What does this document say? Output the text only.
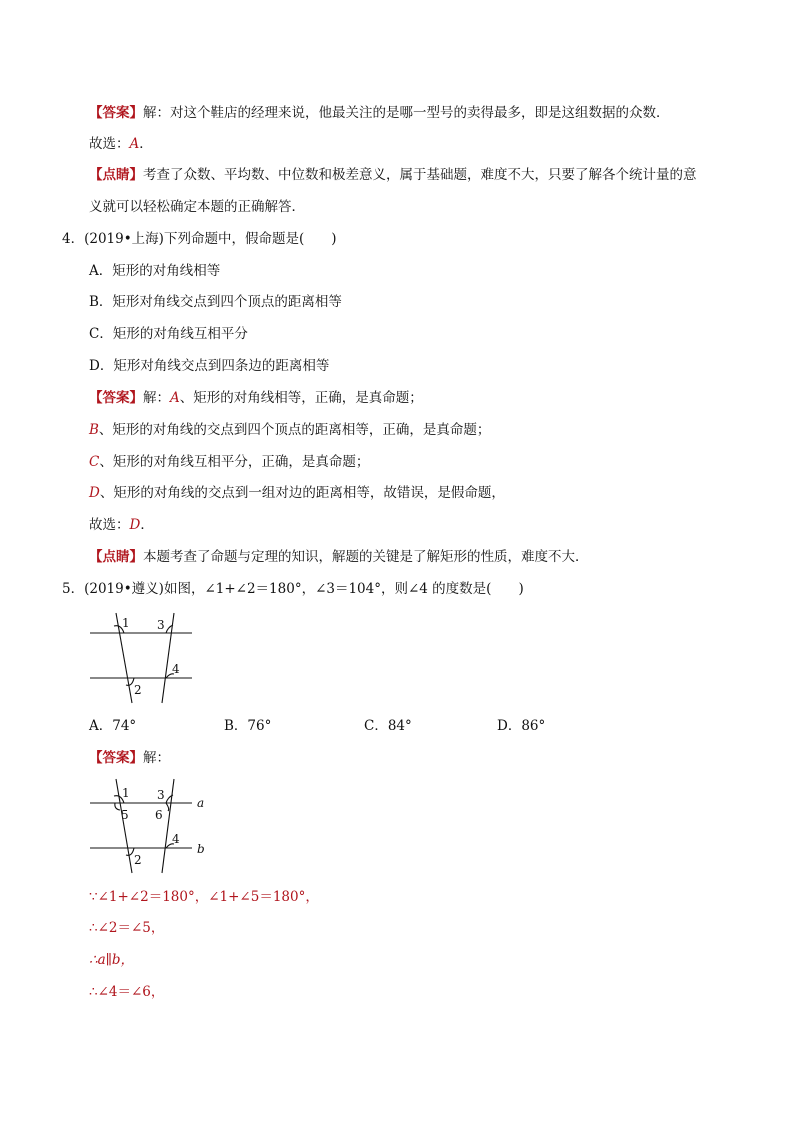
【答案】解：对这个鞋店的经理来说，他最关注的是哪一型号的卖得最多，即是这组数据的众数．
故选：A．
【点睛】考查了众数、平均数、中位数和极差意义，属于基础题，难度不大，只要了解各个统计量的意
义就可以轻松确定本题的正确解答．
4．(2019•上海)下列命题中，假命题是(　　)
A．矩形的对角线相等
B．矩形对角线交点到四个顶点的距离相等
C．矩形的对角线互相平分
D．矩形对角线交点到四条边的距离相等
【答案】解：A、矩形的对角线相等，正确，是真命题；
B、矩形的对角线的交点到四个顶点的距离相等，正确，是真命题；
C、矩形的对角线互相平分，正确，是真命题；
D、矩形的对角线的交点到一组对边的距离相等，故错误，是假命题，
故选：D．
【点睛】本题考查了命题与定理的知识，解题的关键是了解矩形的性质，难度不大．
5．(2019•遵义)如图，∠1+∠2＝180°，∠3＝104°，则∠4 的度数是(　　)
1 3
4
2
A．74°	B．76°	C．84°	D．86°
【答案】解：
1 3
5 6
4
2
a
b
∵∠1+∠2＝180°，∠1+∠5＝180°，
∴∠2＝∠5，
∴a∥b，
∴∠4＝∠6，
